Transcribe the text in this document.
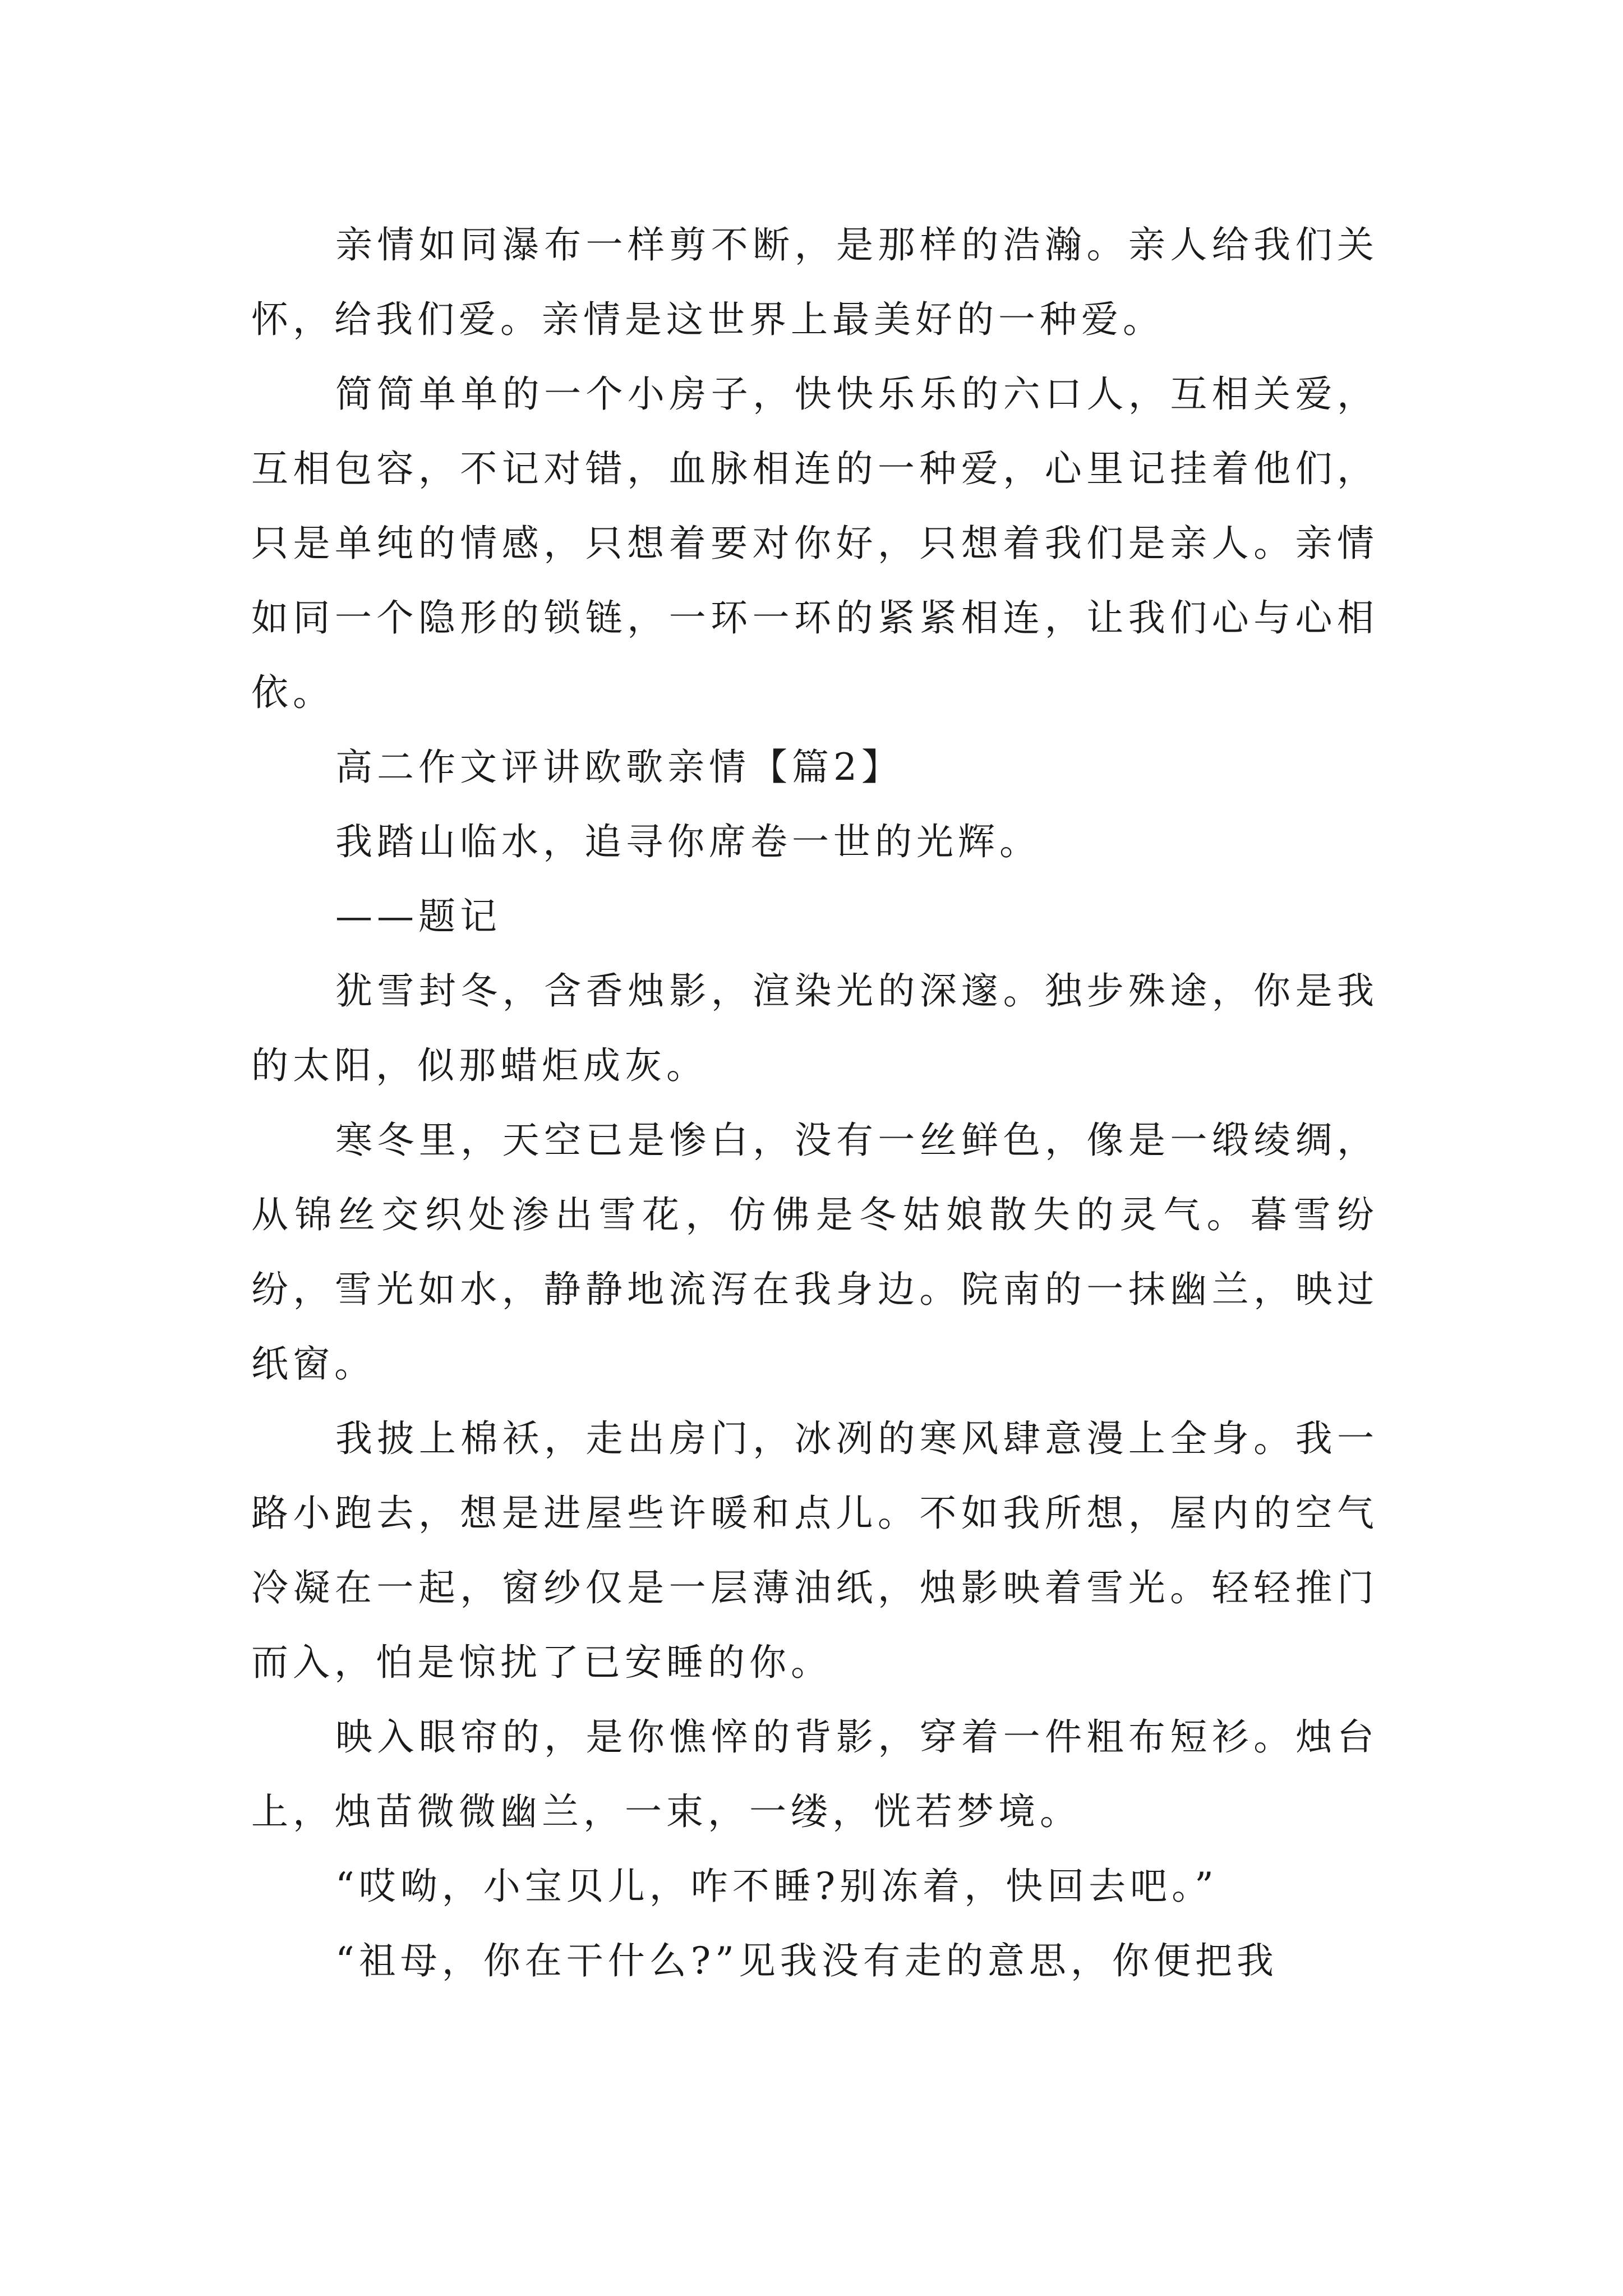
亲情如同瀑布一样剪不断，是那样的浩瀚。亲人给我们关怀，给我们爱。亲情是这世界上最美好的一种爱。

简简单单的一个小房子，快快乐乐的六口人，互相关爱，互相包容，不记对错，血脉相连的一种爱，心里记挂着他们，只是单纯的情感，只想着要对你好，只想着我们是亲人。亲情如同一个隐形的锁链，一环一环的紧紧相连，让我们心与心相依。

高二作文评讲欧歌亲情【篇2】

我踏山临水，追寻你席卷一世的光辉。

——题记

犹雪封冬，含香烛影，渲染光的深邃。独步殊途，你是我的太阳，似那蜡炬成灰。

寒冬里，天空已是惨白，没有一丝鲜色，像是一缎绫绸，从锦丝交织处渗出雪花，仿佛是冬姑娘散失的灵气。暮雪纷纷，雪光如水，静静地流泻在我身边。院南的一抹幽兰，映过纸窗。

我披上棉袄，走出房门，冰冽的寒风肆意漫上全身。我一路小跑去，想是进屋些许暖和点儿。不如我所想，屋内的空气冷凝在一起，窗纱仅是一层薄油纸，烛影映着雪光。轻轻推门而入，怕是惊扰了已安睡的你。

映入眼帘的，是你憔悴的背影，穿着一件粗布短衫。烛台上，烛苗微微幽兰，一束，一缕，恍若梦境。

“哎呦，小宝贝儿，咋不睡?别冻着，快回去吧。”

“祖母，你在干什么?”见我没有走的意思，你便把我
